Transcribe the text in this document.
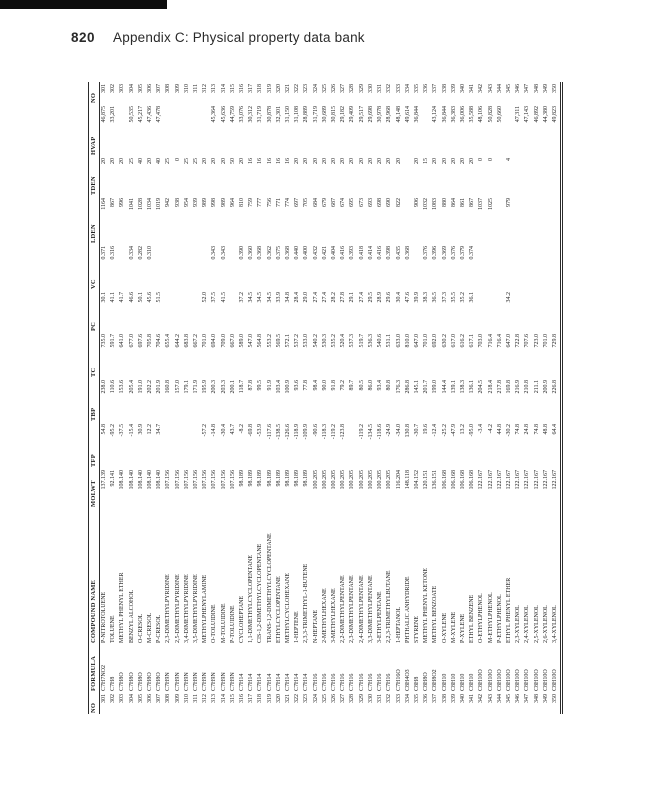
820 Appendix C: Physical property data bank
NO	FORMULA	COMPOUND NAME	MOLWT	TFP	TBP	TC	PC	VC	LDEN	TDEN	HVAP	NO
301	C7H7NO2	P-NITROTOLUENE	137.139	54.8	238.0	735.0	30.1	0.371	1164	20	46,875	301
302	C7H8	TOLUENE	92.141	-95.2	110.6	591.7	41.1	0.316	867	20	33,201	302
303	C7H8O	METHYL PHENYL ETHER	108.140	-37.5	153.6	641.0	41.7		996	20		303
304	C7H8O	BENZYL ALCOHOL	108.140	-15.4	205.4	677.0	46.6	0.334	1041	25	50,535	304
305	C7H8O	O-CRESOL	108.140	30.9	191.0	697.6	50.1	0.282	1028	40	45,217	305
306	C7H8O	M-CRESOL	108.140	12.2	202.2	705.8	45.6	0.310	1034	20	47,436	306
307	C7H8O	P-CRESOL	108.140	34.7	201.9	704.6	51.5		1019	40	47,478	307
308	C7H9N	2,3-DIMETHYLPYRIDINE	107.156		160.8	655.4			942	25		308
309	C7H9N	2,5-DIMETHYLPYRIDINE	107.156		157.0	644.2			938	0		309
310	C7H9N	3,4-DIMETHYLPYRIDINE	107.156		179.1	683.8			954	25		310
311	C7H9N	3,5-DIMETHYLPYRIDINE	107.156		171.9	667.2			939	25		311
312	C7H9N	METHYLPHENYLAMINE	107.156	-57.2	195.9	701.0	52.0		989	20		312
313	C7H9N	O-TOLUIDINE	107.156	-14.8	200.3	694.0	37.5	0.343	998	20	45,364	313
314	C7H9N	M-TOLUIDINE	107.156	-30.4	203.3	709.0	41.5	0.343	989	20	45,636	314
315	C7H9N	P-TOLUIDINE	107.156	43.7	200.1	667.0			964	50	44,759	315
316	C7H14	CYCLOHEPTANE	98.189	-8.2	118.7	589.0	37.2	0.390	810	20	33,076	316
317	C7H14	1,1-DIMETHYLCYCLOPENTANE	98.189	-69.8	87.8	547.0	34.5	0.360	759	16	30,312	317
318	C7H14	CIS-1,2-DIMETHYLCYCLOPENTANE	98.189	-53.9	99.5	564.8	34.5	0.368	777	16	31,719	318
319	C7H14	TRANS-1,2-DIMETHYLCYCLOPENTANE	98.189	-117.6	91.9	553.2	34.5	0.362	756	16	30,878	319
320	C7H14	ETHYLCYCLOPENTANE	98.189	-138.5	103.4	569.5	33.9	0.375	771	16	32,301	320
321	C7H14	METHYLCYCLOHEXANE	98.189	-126.6	100.9	572.1	34.8	0.368	774	16	31,150	321
322	C7H14	1-HEPTENE	98.189	-118.9	93.6	537.2	28.4	0.440	697	20	31,108	322
323	C7H14	2,3,3-TRIMETHYL-1-BUTENE	98.189	-109.9	77.8	533.0	29.0	0.400	705	20	28,889	323
324	C7H16	N-HEPTANE	100.205	-90.6	98.4	540.2	27.4	0.432	684	20	31,719	324
325	C7H16	2-METHYLHEXANE	100.205	-118.3	90.0	530.3	27.4	0.421	679	20	30,689	325
326	C7H16	3-METHYLHEXANE	100.205	-119.2	91.8	535.2	28.2	0.404	687	20	30,815	326
327	C7H16	2,2-DIMETHYLPENTANE	100.205	-123.8	79.2	520.4	27.8	0.416	674	20	29,182	327
328	C7H16	2,3-DIMETHYLPENTANE	100.205		89.7	537.3	29.1	0.393	695	20	29,409	328
329	C7H16	2,4-DIMETHYLPENTANE	100.205	-119.2	80.5	519.7	27.4	0.418	673	20	29,517	329
330	C7H16	3,3-DIMETHYLPENTANE	100.205	-134.5	86.0	536.3	29.5	0.414	693	20	29,698	330
331	C7H16	3-ETHYLPENTANE	100.205	-118.6	93.4	540.6	28.9	0.416	698	20	30,978	331
332	C7H16	2,2,3-TRIMETHYLBUTANE	100.205	-24.9	80.8	531.1	29.6	0.398	690	20	28,968	332
333	C7H16O	1-HEPTANOL	116.204	-34.0	176.3	633.0	30.4	0.435	822	20	48,148	333
334	C8H4O3	PHTHALIC ANHYDRIDE	148.118	130.8	286.8	810.0	47.6	0.368			49,614	334
335	C8H8	STYRENE	104.152	-30.7	145.1	647.0	39.9		906	20	36,844	335
336	C8H8O	METHYL PHENYL KETONE	120.151	19.6	201.7	701.0	38.3	0.376	1032	15		336
337	C8H8O2	METHYL BENZOATE	136.151	-12.4	199.0	692.0	36.5	0.396	1083	20	43,124	337
338	C8H10	O-XYLENE	106.168	-25.2	144.4	630.2	37.3	0.369	880	20	36,844	338
339	C8H10	M-XYLENE	106.168	-47.9	139.1	617.0	35.5	0.376	864	20	36,383	339
340	C8H10	P-XYLENE	106.168	13.2	138.3	616.2	35.2	0.379	861	20	36,006	340
341	C8H10	ETHYL BENZENE	106.168	-95.0	136.1	617.1	36.1	0.374	867	20	35,588	341
342	C8H10O	O-ETHYLPHENOL	122.167	-3.4	204.5	703.0			1037	0	48,106	342
343	C8H10O	M-ETHYLPHENOL	122.167	-4.2	218.4	716.4			1025	0	50,828	343
344	C8H10O	P-ETHYLPHENOL	122.167	44.8	217.8	716.4					50,660	344
345	C8H10O	ETHYL PHENYL ETHER	122.167	-30.2	169.8	647.0	34.2		979	4		345
346	C8H10O	2,3-XYLENOL	122.167	74.8	216.9	722.8					47,311	346
347	C8H10O	2,4-XYLENOL	122.167	24.8	210.8	707.6					47,143	347
348	C8H10O	2,5-XYLENOL	122.167	74.8	211.1	723.0					46,892	348
349	C8H10O	2,6-XYLENOL	122.167	48.8	200.9	701.0					44,380	349
350	C8H10O	3,4-XYLENOL	122.167	64.4	226.8	729.8					49,823	350
